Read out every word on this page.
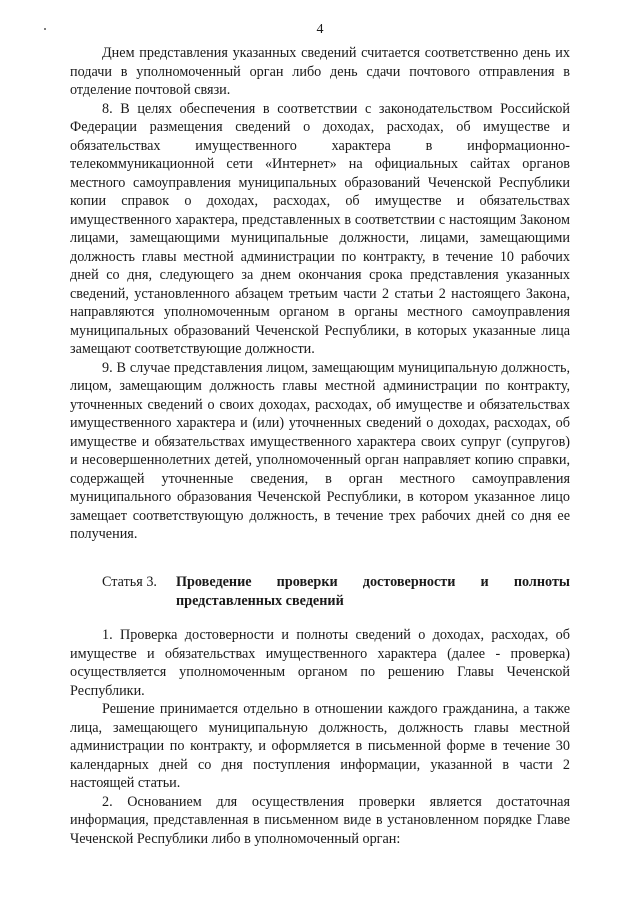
4

Днем представления указанных сведений считается соответственно день их подачи в уполномоченный орган либо день сдачи почтового отправления в отделение почтовой связи.

8. В целях обеспечения в соответствии с законодательством Российской Федерации размещения сведений о доходах, расходах, об имуществе и обязательствах имущественного характера в информационно-телекоммуникационной сети «Интернет» на официальных сайтах органов местного самоуправления муниципальных образований Чеченской Республики копии справок о доходах, расходах, об имуществе и обязательствах имущественного характера, представленных в соответствии с настоящим Законом лицами, замещающими муниципальные должности, лицами, замещающими должность главы местной администрации по контракту, в течение 10 рабочих дней со дня, следующего за днем окончания срока представления указанных сведений, установленного абзацем третьим части 2 статьи 2 настоящего Закона, направляются уполномоченным органом в органы местного самоуправления муниципальных образований Чеченской Республики, в которых указанные лица замещают соответствующие должности.

9. В случае представления лицом, замещающим муниципальную должность, лицом, замещающим должность главы местной администрации по контракту, уточненных сведений о своих доходах, расходах, об имуществе и обязательствах имущественного характера и (или) уточненных сведений о доходах, расходах, об имуществе и обязательствах имущественного характера своих супруг (супругов) и несовершеннолетних детей, уполномоченный орган направляет копию справки, содержащей уточненные сведения, в орган местного самоуправления муниципального образования Чеченской Республики, в котором указанное лицо замещает соответствующую должность, в течение трех рабочих дней со дня ее получения.

Статья 3.	Проведение проверки достоверности и полноты
представленных сведений

1. Проверка достоверности и полноты сведений о доходах, расходах, об имуществе и обязательствах имущественного характера (далее - проверка) осуществляется уполномоченным органом по решению Главы Чеченской Республики.

Решение принимается отдельно в отношении каждого гражданина, а также лица, замещающего муниципальную должность, должность главы местной администрации по контракту, и оформляется в письменной форме в течение 30 календарных дней со дня поступления информации, указанной в части 2 настоящей статьи.

2. Основанием для осуществления проверки является достаточная информация, представленная в письменном виде в установленном порядке Главе Чеченской Республики либо в уполномоченный орган:
